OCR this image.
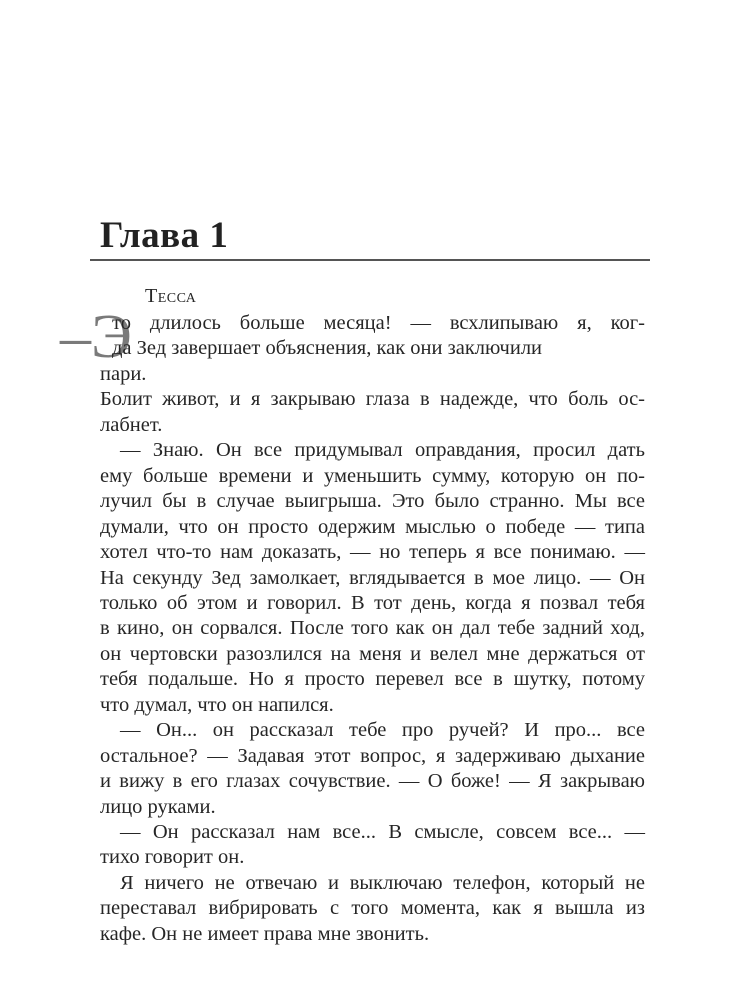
Глава 1
Тесса
–Э
то длилось больше месяца! — всхлипываю я, ког-
да Зед завершает объяснения, как они заключили
пари.
Болит живот, и я закрываю глаза в надежде, что боль ос-
лабнет.
— Знаю. Он все придумывал оправдания, просил дать
ему больше времени и уменьшить сумму, которую он по-
лучил бы в случае выигрыша. Это было странно. Мы все
думали, что он просто одержим мыслью о победе — типа
хотел что-то нам доказать, — но теперь я все понимаю. —
На секунду Зед замолкает, вглядывается в мое лицо. — Он
только об этом и говорил. В тот день, когда я позвал тебя
в кино, он сорвался. После того как он дал тебе задний ход,
он чертовски разозлился на меня и велел мне держаться от
тебя подальше. Но я просто перевел все в шутку, потому
что думал, что он напился.
— Он... он рассказал тебе про ручей? И про... все
остальное? — Задавая этот вопрос, я задерживаю дыхание
и вижу в его глазах сочувствие. — О боже! — Я закрываю
лицо руками.
— Он рассказал нам все... В смысле, совсем все... —
тихо говорит он.
Я ничего не отвечаю и выключаю телефон, который не
переставал вибрировать с того момента, как я вышла из
кафе. Он не имеет права мне звонить.
